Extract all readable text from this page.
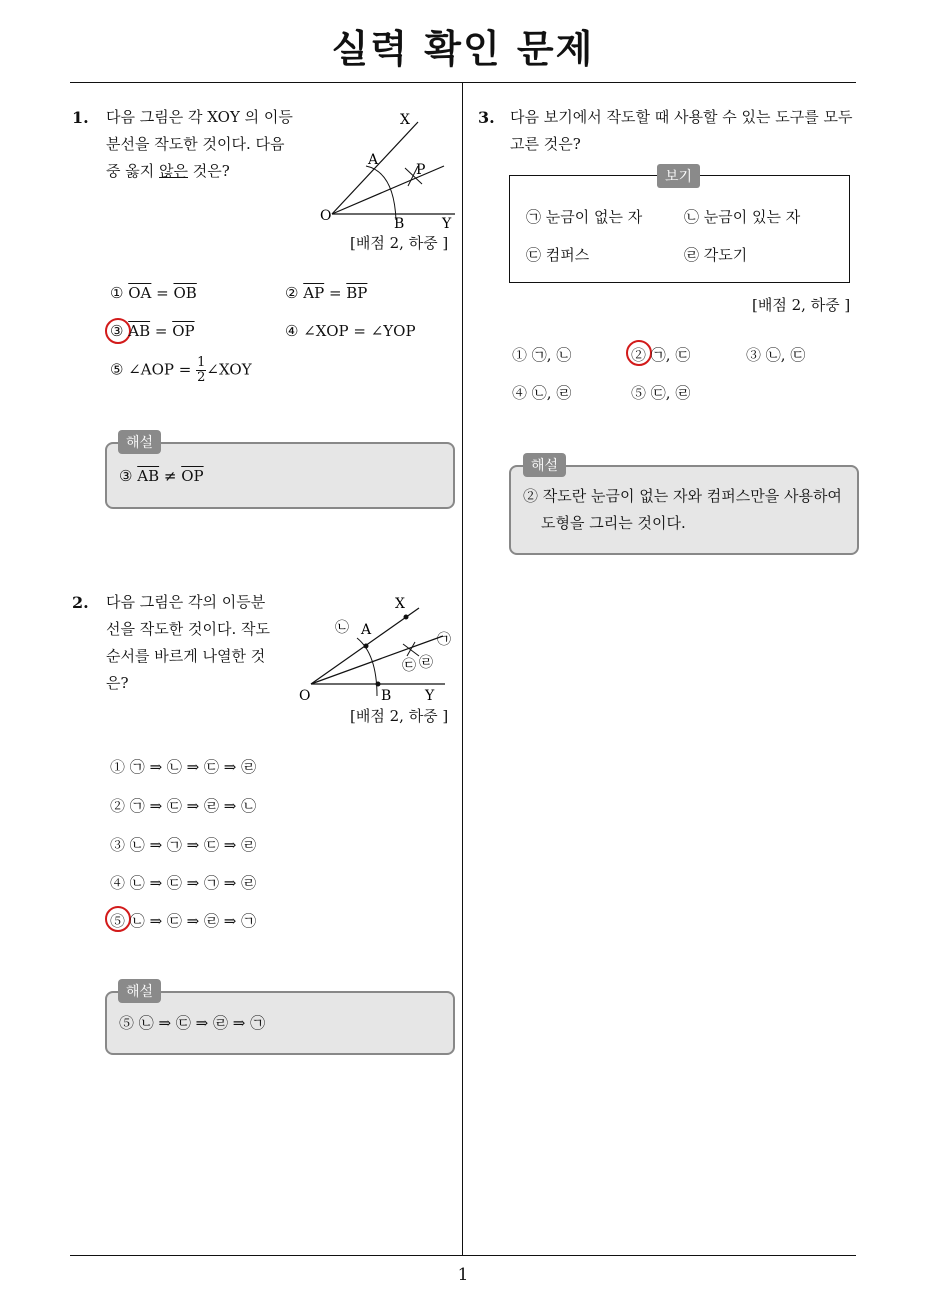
실력 확인 문제
1. 다음 그림은 각 XOY 의 이등
분선을 작도한 것이다. 다음
중 옳지 않은 것은?
X
A
P
O	B	Y
[배점 2, 하중 ]
① $\overline{OA} = \overline{OB}$	② $\overline{AP} = \overline{BP}$
③ $\overline{AB} = \overline{OP}$	④ ∠XOP = ∠YOP
⑤ ∠AOP = $\frac{1}{2}$ ∠XOY
③ $\overline{AB} \ne \overline{OP}$
해설
2. 다음 그림은 각의 이등분
선을 작도한 것이다. 작도
순서를 바르게 나열한 것
은?
X
A
O	B Y
㉠
㉡
㉢ ㉣
[배점 2, 하중 ]
① ㉠ ⇒ ㉡ ⇒ ㉢ ⇒ ㉣
② ㉠ ⇒ ㉢ ⇒ ㉣ ⇒ ㉡
③ ㉡ ⇒ ㉠ ⇒ ㉢ ⇒ ㉣
④ ㉡ ⇒ ㉢ ⇒ ㉠ ⇒ ㉣
⑤ ㉡ ⇒ ㉢ ⇒ ㉣ ⇒ ㉠
⑤ ㉡ ⇒ ㉢ ⇒ ㉣ ⇒ ㉠
해설
3. 다음 보기에서 작도할 때 사용할 수 있는 도구를 모두
고른 것은?
㉠ 눈금이 없는 자	㉡ 눈금이 있는 자
㉢ 컴퍼스	㉣ 각도기
보기
[배점 2, 하중 ]
① ㉠, ㉡	② ㉠, ㉢	③ ㉡, ㉢
④ ㉡, ㉣	⑤ ㉢, ㉣
② 작도란 눈금이 없는 자와 컴퍼스만을 사용하여
도형을 그리는 것이다.
해설
1
